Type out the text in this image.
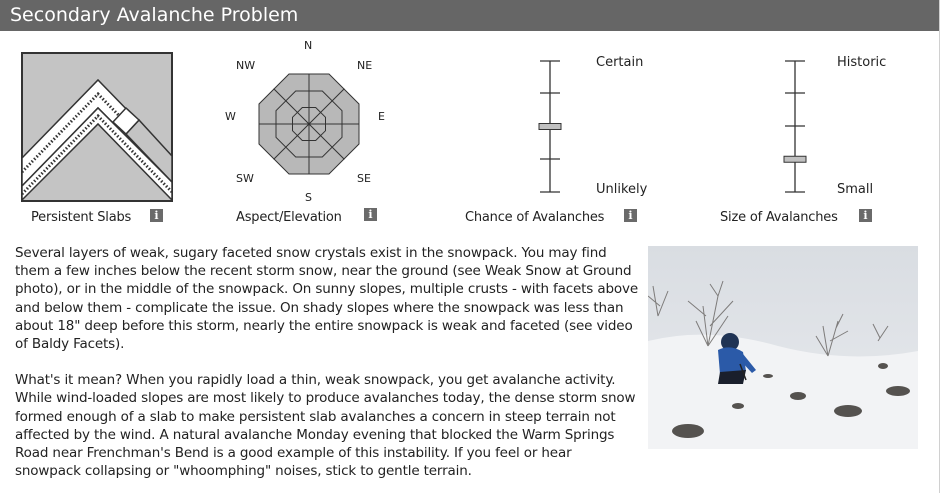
Secondary Avalanche Problem
Persistent Slabs	i
N
NE
E
SE
S
SW
W
NW
Aspect/Elevation	i
Certain
Unlikely
Chance of Avalanches	i
Historic
Small
Size of Avalanches	i

Several layers of weak, sugary faceted snow crystals exist in the snowpack. You may find them a few inches below the recent storm snow, near the ground (see Weak Snow at Ground photo), or in the middle of the snowpack. On sunny slopes, multiple crusts - with facets above and below them - complicate the issue. On shady slopes where the snowpack was less than about 18" deep before this storm, nearly the entire snowpack is weak and faceted (see video of Baldy Facets).

What's it mean? When you rapidly load a thin, weak snowpack, you get avalanche activity. While wind-loaded slopes are most likely to produce avalanches today, the dense storm snow formed enough of a slab to make persistent slab avalanches a concern in steep terrain not affected by the wind. A natural avalanche Monday evening that blocked the Warm Springs Road near Frenchman's Bend is a good example of this instability. If you feel or hear snowpack collapsing or "whoomphing" noises, stick to gentle terrain.
